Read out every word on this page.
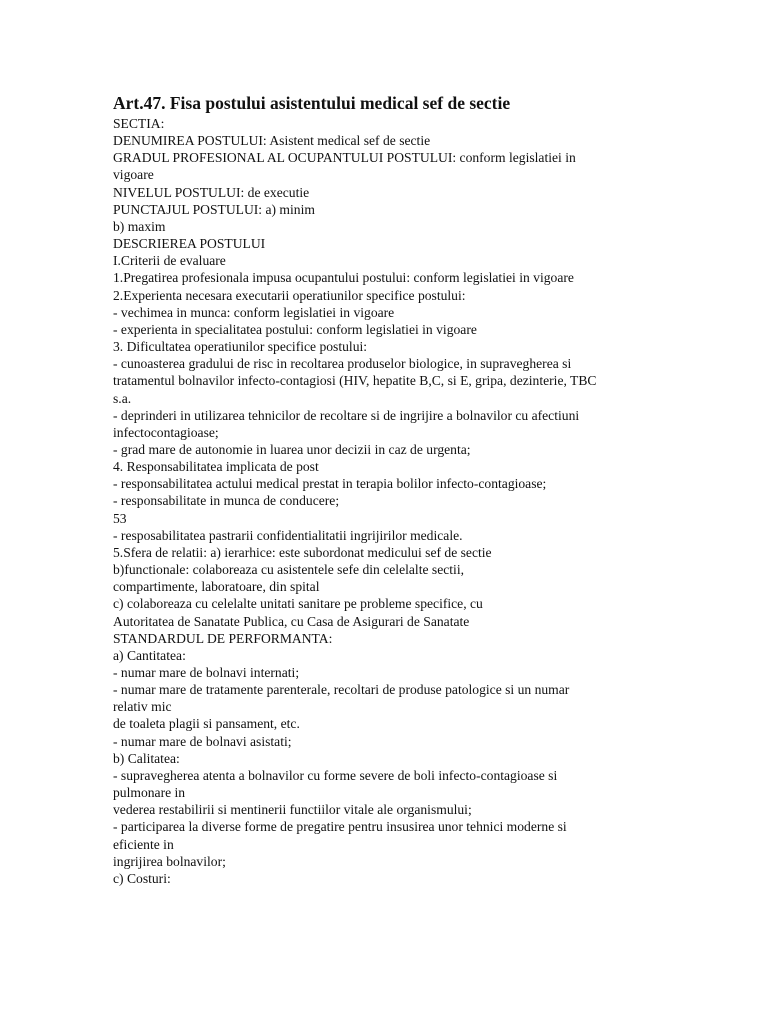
Art.47. Fisa postului asistentului medical sef de sectie
SECTIA:
DENUMIREA POSTULUI: Asistent medical sef de sectie
GRADUL PROFESIONAL AL OCUPANTULUI POSTULUI: conform legislatiei in
vigoare
NIVELUL POSTULUI: de executie
PUNCTAJUL POSTULUI: a) minim
b) maxim
DESCRIEREA POSTULUI
I.Criterii de evaluare
1.Pregatirea profesionala impusa ocupantului postului: conform legislatiei in vigoare
2.Experienta necesara executarii operatiunilor specifice postului:
- vechimea in munca: conform legislatiei in vigoare
- experienta in specialitatea postului: conform legislatiei in vigoare
3. Dificultatea operatiunilor specifice postului:
- cunoasterea gradului de risc in recoltarea produselor biologice, in supravegherea si
tratamentul bolnavilor infecto-contagiosi (HIV, hepatite B,C, si E, gripa, dezinterie, TBC
s.a.
- deprinderi in utilizarea tehnicilor de recoltare si de ingrijire a bolnavilor cu afectiuni
infectocontagioase;
- grad mare de autonomie in luarea unor decizii in caz de urgenta;
4. Responsabilitatea implicata de post
- responsabilitatea actului medical prestat in terapia bolilor infecto-contagioase;
- responsabilitate in munca de conducere;
53
- resposabilitatea pastrarii confidentialitatii ingrijirilor medicale.
5.Sfera de relatii: a) ierarhice: este subordonat medicului sef de sectie
b)functionale: colaboreaza cu asistentele sefe din celelalte sectii,
compartimente, laboratoare, din spital
c) colaboreaza cu celelalte unitati sanitare pe probleme specifice, cu
Autoritatea de Sanatate Publica, cu Casa de Asigurari de Sanatate
STANDARDUL DE PERFORMANTA:
a) Cantitatea:
- numar mare de bolnavi internati;
- numar mare de tratamente parenterale, recoltari de produse patologice si un numar
relativ mic
de toaleta plagii si pansament, etc.
- numar mare de bolnavi asistati;
b) Calitatea:
- supravegherea atenta a bolnavilor cu forme severe de boli infecto-contagioase si
pulmonare in
vederea restabilirii si mentinerii functiilor vitale ale organismului;
- participarea la diverse forme de pregatire pentru insusirea unor tehnici moderne si
eficiente in
ingrijirea bolnavilor;
c) Costuri:
